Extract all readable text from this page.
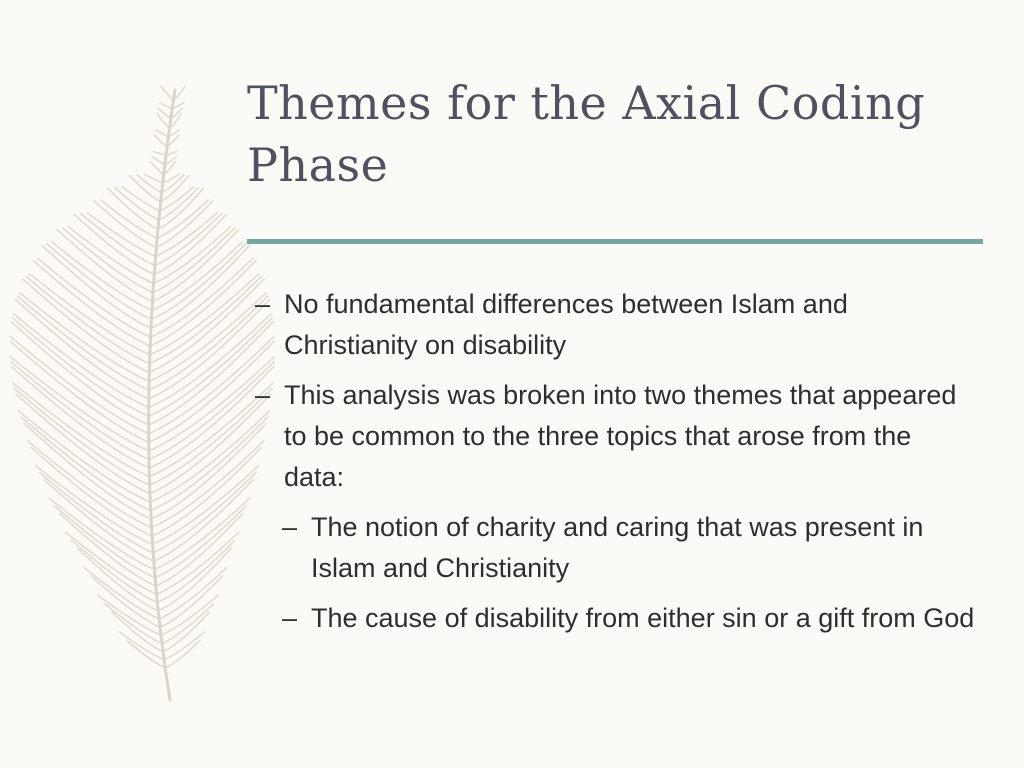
Themes for the Axial Coding Phase
– No fundamental differences between Islam and Christianity on disability
– This analysis was broken into two themes that appeared to be common to the three topics that arose from the data:
– The notion of charity and caring that was present in Islam and Christianity
– The cause of disability from either sin or a gift from God
